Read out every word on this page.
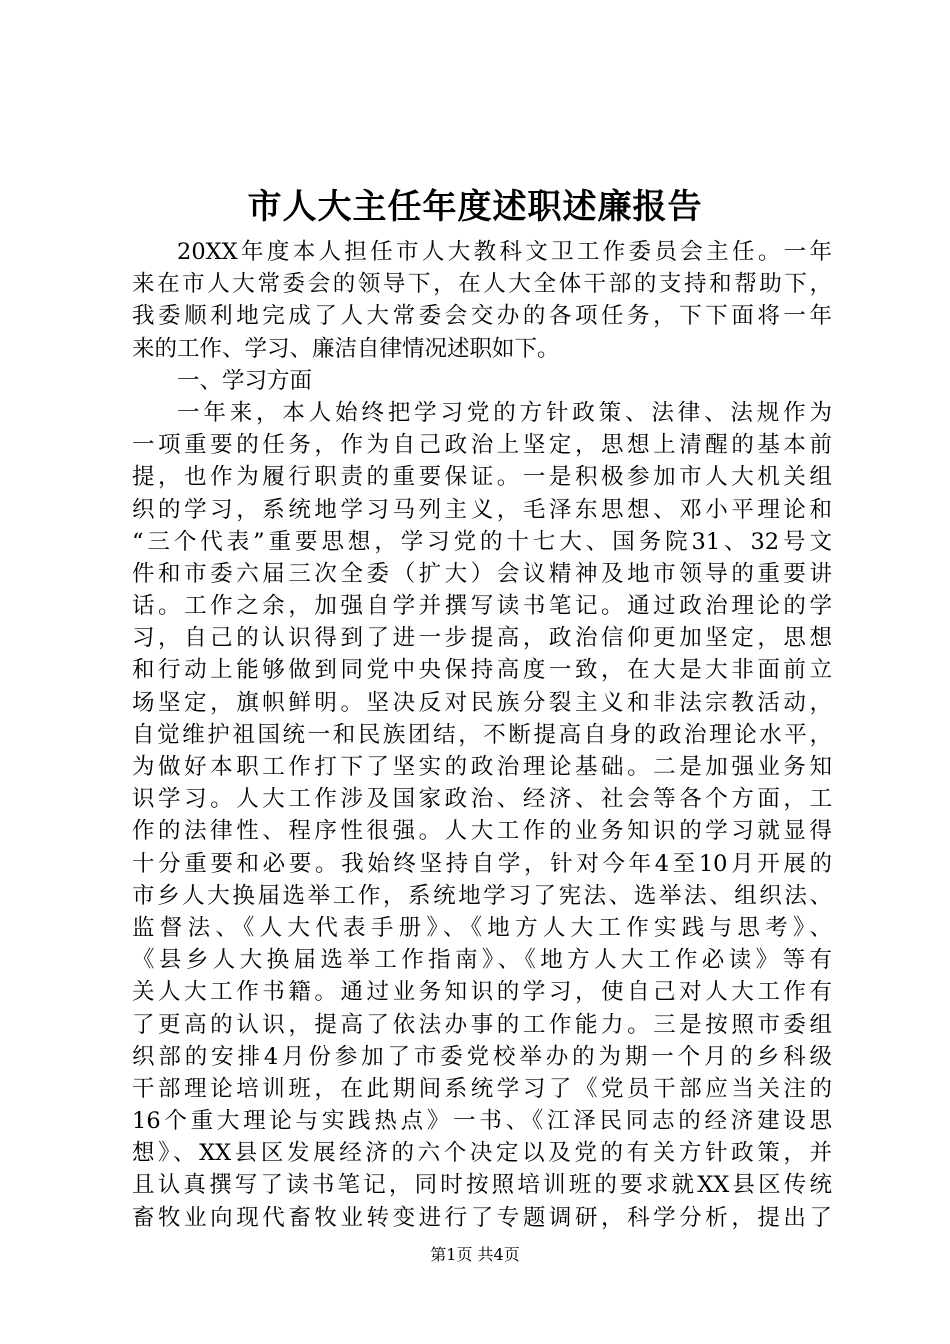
市人大主任年度述职述廉报告
20XX年度本人担任市人大教科文卫工作委员会主任。一年
来在市人大常委会的领导下，在人大全体干部的支持和帮助下，
我委顺利地完成了人大常委会交办的各项任务，下下面将一年
来的工作、学习、廉洁自律情况述职如下。
一、学习方面
一年来，本人始终把学习党的方针政策、法律、法规作为
一项重要的任务，作为自己政治上坚定，思想上清醒的基本前
提，也作为履行职责的重要保证。一是积极参加市人大机关组
织的学习，系统地学习马列主义，毛泽东思想、邓小平理论和
“三个代表”重要思想，学习党的十七大、国务院31、32号文
件和市委六届三次全委（扩大）会议精神及地市领导的重要讲
话。工作之余，加强自学并撰写读书笔记。通过政治理论的学
习，自己的认识得到了进一步提高，政治信仰更加坚定，思想
和行动上能够做到同党中央保持高度一致，在大是大非面前立
场坚定，旗帜鲜明。坚决反对民族分裂主义和非法宗教活动，
自觉维护祖国统一和民族团结，不断提高自身的政治理论水平，
为做好本职工作打下了坚实的政治理论基础。二是加强业务知
识学习。人大工作涉及国家政治、经济、社会等各个方面，工
作的法律性、程序性很强。人大工作的业务知识的学习就显得
十分重要和必要。我始终坚持自学，针对今年4至10月开展的
市乡人大换届选举工作，系统地学习了宪法、选举法、组织法、
监督法、《人大代表手册》、《地方人大工作实践与思考》、
《县乡人大换届选举工作指南》、《地方人大工作必读》等有
关人大工作书籍。通过业务知识的学习，使自己对人大工作有
了更高的认识，提高了依法办事的工作能力。三是按照市委组
织部的安排4月份参加了市委党校举办的为期一个月的乡科级
干部理论培训班，在此期间系统学习了《党员干部应当关注的
16个重大理论与实践热点》一书、《江泽民同志的经济建设思
想》、XX县区发展经济的六个决定以及党的有关方针政策，并
且认真撰写了读书笔记，同时按照培训班的要求就XX县区传统
畜牧业向现代畜牧业转变进行了专题调研，科学分析，提出了
第1页 共4页
